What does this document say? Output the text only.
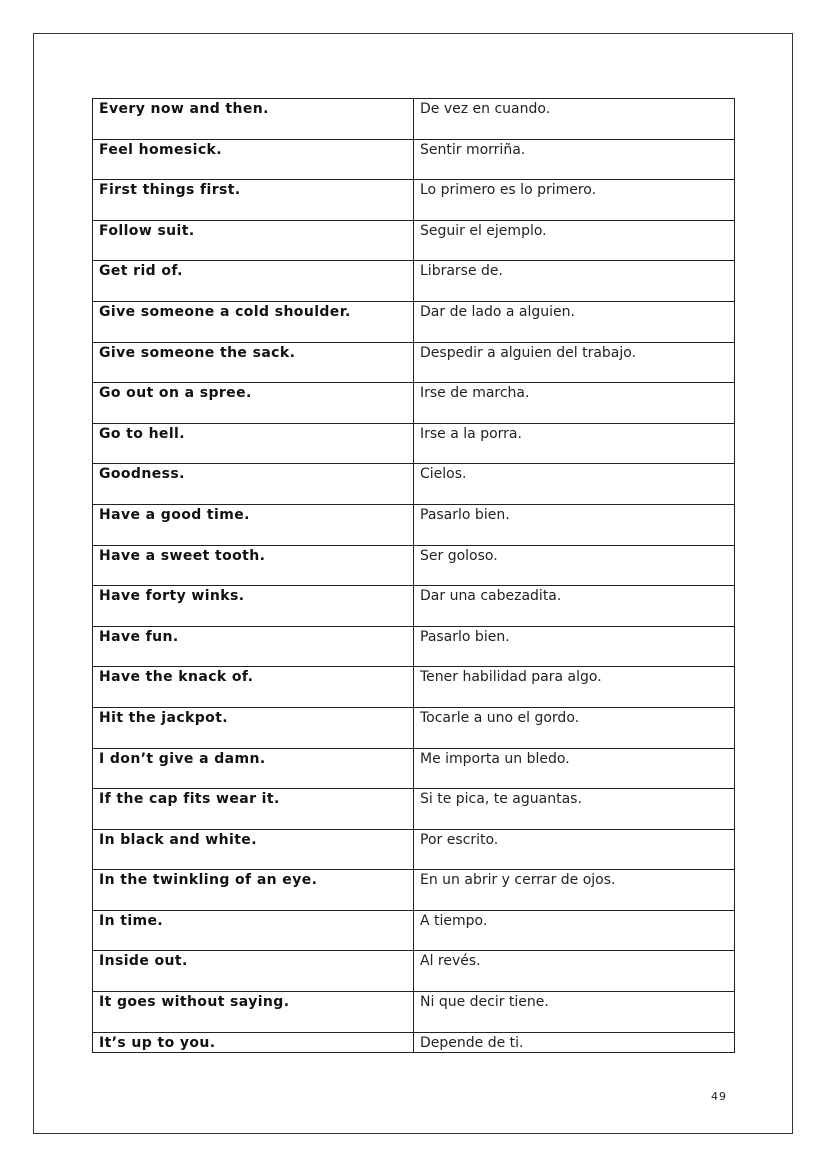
Every now and then.	De vez en cuando.

Feel homesick.	Sentir morriña.

First things first.	Lo primero es lo primero.

Follow suit.	Seguir el ejemplo.

Get rid of.	Librarse de.

Give someone a cold shoulder.	Dar de lado a alguien.

Give someone the sack.	Despedir a alguien del trabajo.

Go out on a spree.	Irse de marcha.

Go to hell.	Irse a la porra.

Goodness.	Cielos.

Have a good time.	Pasarlo bien.

Have a sweet tooth.	Ser goloso.

Have forty winks.	Dar una cabezadita.

Have fun.	Pasarlo bien.

Have the knack of.	Tener habilidad para algo.

Hit the jackpot.	Tocarle a uno el gordo.

I don’t give a damn.	Me importa un bledo.

If the cap fits wear it.	Si te pica, te aguantas.

In black and white.	Por escrito.

In the twinkling of an eye.	En un abrir y cerrar de ojos.

In time.	A tiempo.

Inside out.	Al revés.

It goes without saying.	Ni que decir tiene.

It’s up to you.	Depende de ti.
49
